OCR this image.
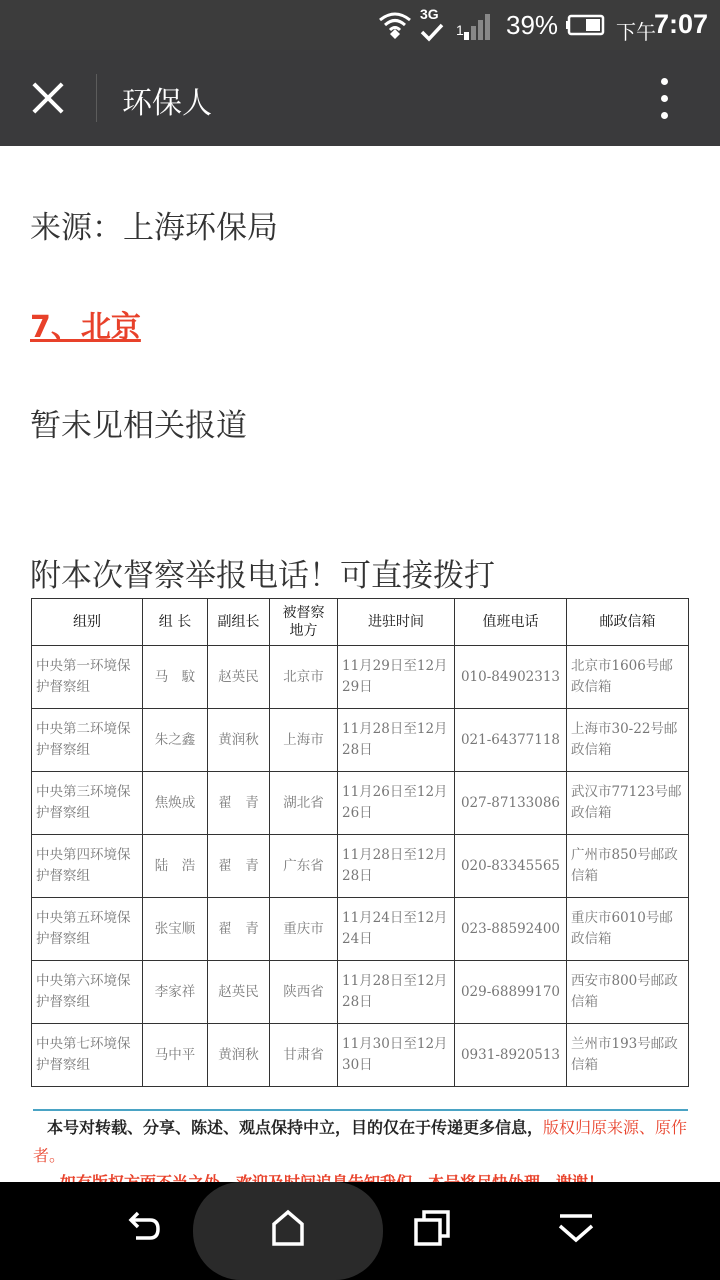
3G
1 39%	下午
7:07
环保人
来源：上海环保局
7、北京
暂未见相关报道
附本次督察举报电话！可直接拨打
组别	组 长	副组长	被督察地方	进驻时间	值班电话	邮政信箱
中央第一环境保护督察组	马　馼	赵英民	北京市	11月29日至12月29日	010-84902313	北京市1606号邮政信箱
中央第二环境保护督察组	朱之鑫	黄润秋	上海市	11月28日至12月28日	021-64377118	上海市30-22号邮政信箱
中央第三环境保护督察组	焦焕成	翟　青	湖北省	11月26日至12月26日	027-87133086	武汉市77123号邮政信箱
中央第四环境保护督察组	陆　浩	翟　青	广东省	11月28日至12月28日	020-83345565	广州市850号邮政信箱
中央第五环境保护督察组	张宝顺	翟　青	重庆市	11月24日至12月24日	023-88592400	重庆市6010号邮政信箱
中央第六环境保护督察组	李家祥	赵英民	陕西省	11月28日至12月28日	029-68899170	西安市800号邮政信箱
中央第七环境保护督察组	马中平	黄润秋	甘肃省	11月30日至12月30日	0931-8920513	兰州市193号邮政信箱
本号对转载、分享、陈述、观点保持中立，目的仅在于传递更多信息，版权归原来源、原作者。
